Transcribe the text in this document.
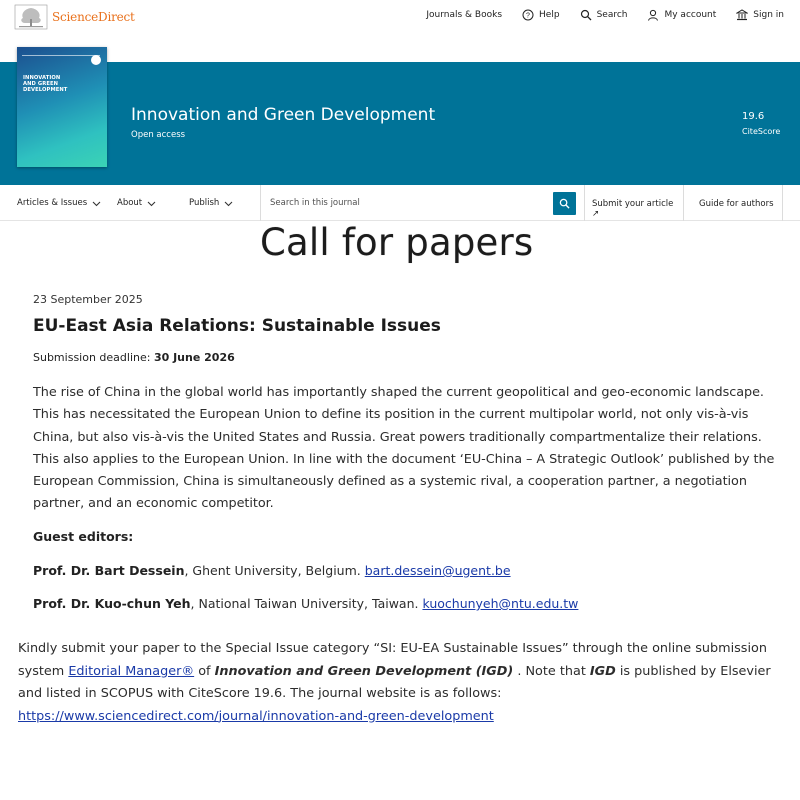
ScienceDirect	Journals & Books	? Help	Search	My account	Sign in
INNOVATION
AND GREEN
DEVELOPMENT
Innovation and Green Development
Open access
19.6
CiteScore
Articles & Issues	About	Publish	Search in this journal	Submit your article ↗
Guide for authors
Call for papers
23 September 2025
EU-East Asia Relations: Sustainable Issues
Submission deadline: 30 June 2026
The rise of China in the global world has importantly shaped the current geopolitical and geo-economic landscape. This has necessitated the European Union to define its position in the current multipolar world, not only vis-à-vis China, but also vis-à-vis the United States and Russia. Great powers traditionally compartmentalize their relations. This also applies to the European Union. In line with the document ‘EU-China – A Strategic Outlook’ published by the European Commission, China is simultaneously defined as a systemic rival, a cooperation partner, a negotiation partner, and an economic competitor.
Guest editors:
Prof. Dr. Bart Dessein, Ghent University, Belgium. bart.dessein@ugent.be
Prof. Dr. Kuo-chun Yeh, National Taiwan University, Taiwan. kuochunyeh@ntu.edu.tw
Kindly submit your paper to the Special Issue category “SI: EU-EA Sustainable Issues” through the online submission system Editorial Manager® of Innovation and Green Development (IGD) . Note that IGD is published by Elsevier and listed in SCOPUS with CiteScore 19.6. The journal website is as follows: https://www.sciencedirect.com/journal/innovation-and-green-development
